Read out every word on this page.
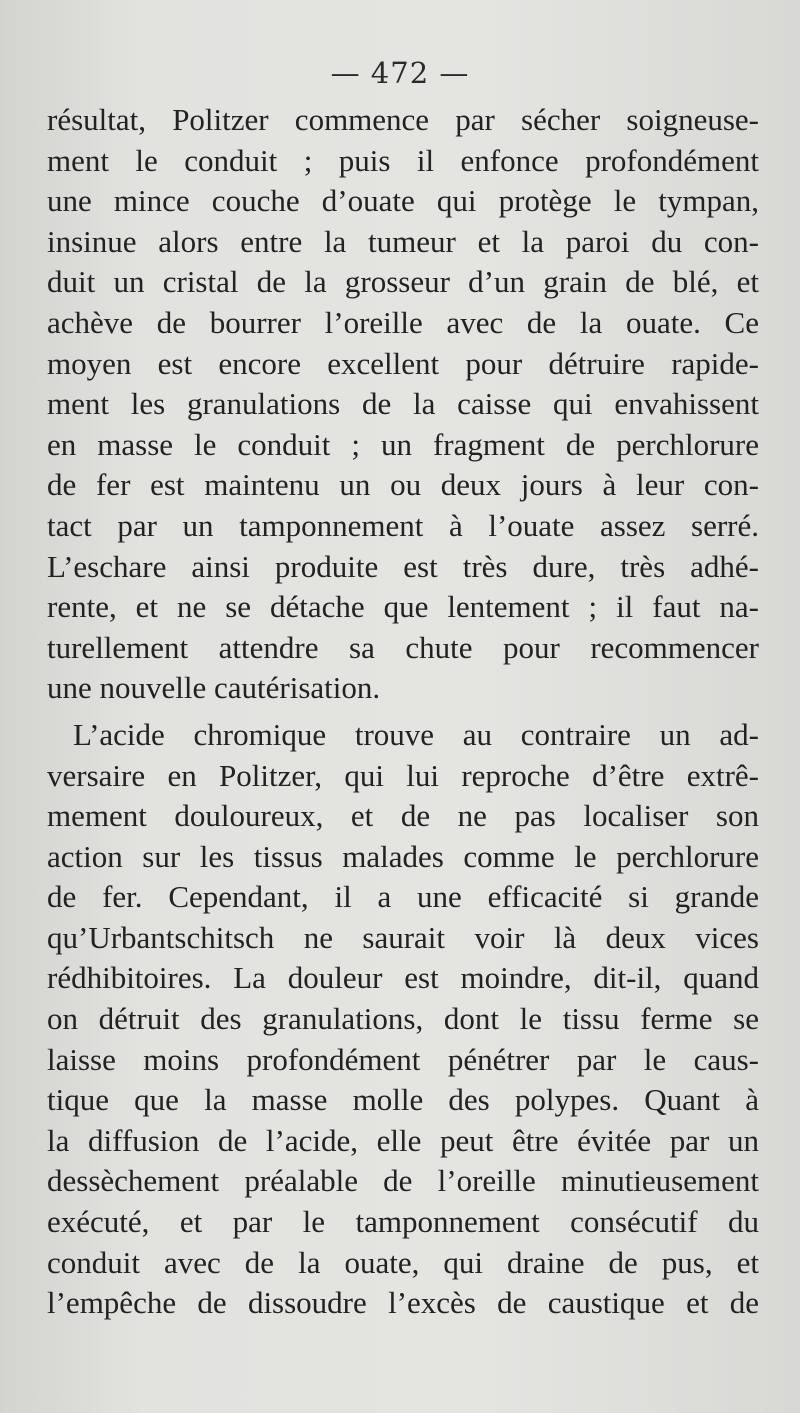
— 472 —
résultat, Politzer commence par sécher soigneuse-
ment le conduit ; puis il enfonce profondément
une mince couche d’ouate qui protège le tympan,
insinue alors entre la tumeur et la paroi du con-
duit un cristal de la grosseur d’un grain de blé, et
achève de bourrer l’oreille avec de la ouate. Ce
moyen est encore excellent pour détruire rapide-
ment les granulations de la caisse qui envahissent
en masse le conduit ; un fragment de perchlorure
de fer est maintenu un ou deux jours à leur con-
tact par un tamponnement à l’ouate assez serré.
L’eschare ainsi produite est très dure, très adhé-
rente, et ne se détache que lentement ; il faut na-
turellement attendre sa chute pour recommencer
une nouvelle cautérisation.
L’acide chromique trouve au contraire un ad-
versaire en Politzer, qui lui reproche d’être extrê-
mement douloureux, et de ne pas localiser son
action sur les tissus malades comme le perchlorure
de fer. Cependant, il a une efficacité si grande
qu’Urbantschitsch ne saurait voir là deux vices
rédhibitoires. La douleur est moindre, dit-il, quand
on détruit des granulations, dont le tissu ferme se
laisse moins profondément pénétrer par le caus-
tique que la masse molle des polypes. Quant à
la diffusion de l’acide, elle peut être évitée par un
dessèchement préalable de l’oreille minutieusement
exécuté, et par le tamponnement consécutif du
conduit avec de la ouate, qui draine de pus, et
l’empêche de dissoudre l’excès de caustique et de
